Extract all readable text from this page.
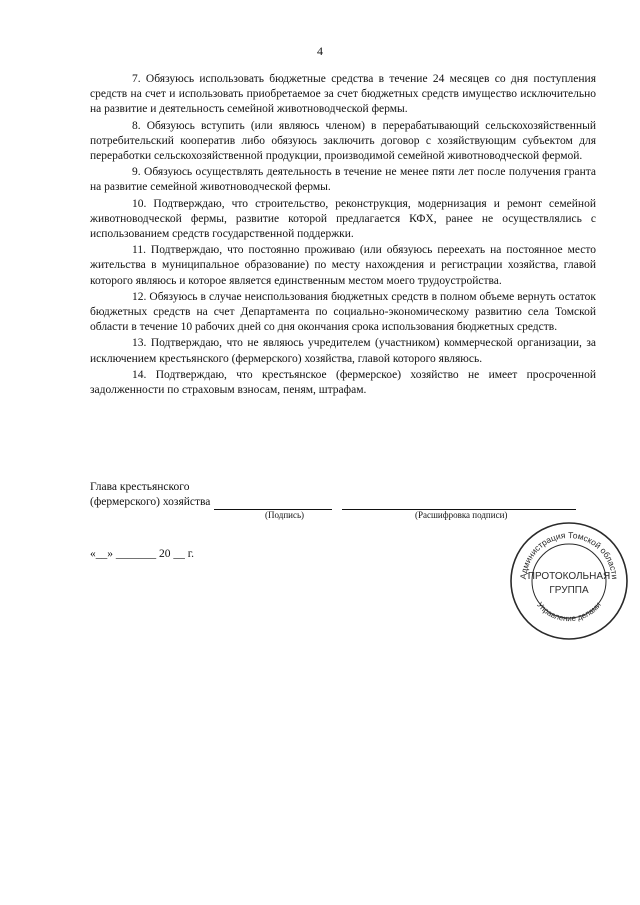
4

7. Обязуюсь использовать бюджетные средства в течение 24 месяцев со дня поступления средств на счет и использовать приобретаемое за счет бюджетных средств имущество исключительно на развитие и деятельность семейной животноводческой фермы.

8. Обязуюсь вступить (или являюсь членом) в перерабатывающий сельскохозяйственный потребительский кооператив либо обязуюсь заключить договор с хозяйствующим субъектом для переработки сельскохозяйственной продукции, производимой семейной животноводческой фермой.

9. Обязуюсь осуществлять деятельность в течение не менее пяти лет после получения гранта на развитие семейной животноводческой фермы.

10. Подтверждаю, что строительство, реконструкция, модернизация и ремонт семейной животноводческой фермы, развитие которой предлагается КФХ, ранее не осуществлялись с использованием средств государственной поддержки.

11. Подтверждаю, что постоянно проживаю (или обязуюсь переехать на постоянное место жительства в муниципальное образование) по месту нахождения и регистрации хозяйства, главой которого являюсь и которое является единственным местом моего трудоустройства.

12. Обязуюсь в случае неиспользования бюджетных средств в полном объеме вернуть остаток бюджетных средств на счет Департамента по социально-экономическому развитию села Томской области в течение 10 рабочих дней со дня окончания срока использования бюджетных средств.

13. Подтверждаю, что не являюсь учредителем (участником) коммерческой организации, за исключением крестьянского (фермерского) хозяйства, главой которого являюсь.

14. Подтверждаю, что крестьянское (фермерское) хозяйство не имеет просроченной задолженности по страховым взносам, пеням, штрафам.

Глава крестьянского
(фермерского) хозяйства
(Подпись)	(Расшифровка подписи)
«__» _______ 20 __ г.
Администрация Томской области
Управление делами
ПРОТОКОЛЬНАЯ
ГРУППА
